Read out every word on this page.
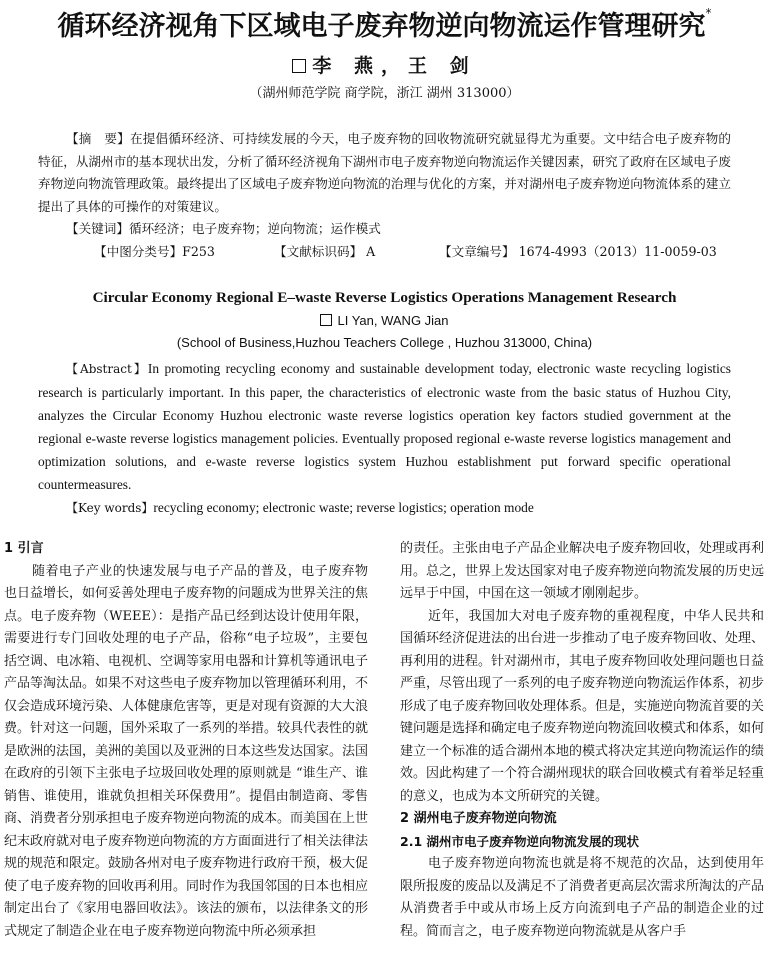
循环经济视角下区域电子废弃物逆向物流运作管理研究*
李 燕，王 剑
（湖州师范学院 商学院，浙江 湖州 313000）

【摘　要】在提倡循环经济、可持续发展的今天，电子废弃物的回收物流研究就显得尤为重要。文中结合电子废弃物的特征，从湖州市的基本现状出发，分析了循环经济视角下湖州市电子废弃物逆向物流运作关键因素，研究了政府在区域电子废弃物逆向物流管理政策。最终提出了区域电子废弃物逆向物流的治理与优化的方案，并对湖州电子废弃物逆向物流体系的建立提出了具体的可操作的对策建议。

【关键词】循环经济；电子废弃物；逆向物流；运作模式

【中图分类号】F253	【文献标识码】 A	【文章编号】 1674-4993（2013）11-0059-03

Circular Economy Regional E–waste Reverse Logistics Operations Management Research
LI Yan, WANG Jian
(School of Business,Huzhou Teachers College , Huzhou 313000, China)

【Abstract】In promoting recycling economy and sustainable development today, electronic waste recycling logistics research is particularly important. In this paper, the characteristics of electronic waste from the basic status of Huzhou City, analyzes the Circular Economy Huzhou electronic waste reverse logistics operation key factors studied government at the regional e-waste reverse logistics management policies. Eventually proposed regional e-waste reverse logistics management and optimization solutions, and e-waste reverse logistics system Huzhou establishment put forward specific operational countermeasures.

【Key words】recycling economy; electronic waste; reverse logistics; operation mode

1 引言

随着电子产业的快速发展与电子产品的普及，电子废弃物也日益增长，如何妥善处理电子废弃物的问题成为世界关注的焦点。电子废弃物（WEEE）：是指产品已经到达设计使用年限，需要进行专门回收处理的电子产品，俗称“电子垃圾”，主要包括空调、电冰箱、电视机、空调等家用电器和计算机等通讯电子产品等淘汰品。如果不对这些电子废弃物加以管理循环利用，不仅会造成环境污染、人体健康危害等，更是对现有资源的大大浪费。针对这一问题，国外采取了一系列的举措。较具代表性的就是欧洲的法国，美洲的美国以及亚洲的日本这些发达国家。法国在政府的引领下主张电子垃圾回收处理的原则就是 “谁生产、谁销售、谁使用，谁就负担相关环保费用”。提倡由制造商、零售商、消费者分别承担电子废弃物逆向物流的成本。而美国在上世纪末政府就对电子废弃物逆向物流的方方面面进行了相关法律法规的规范和限定。鼓励各州对电子废弃物进行政府干预，极大促使了电子废弃物的回收再利用。同时作为我国邻国的日本也相应制定出台了《家用电器回收法》。该法的颁布，以法律条文的形式规定了制造企业在电子废弃物逆向物流中所必须承担

的责任。主张由电子产品企业解决电子废弃物回收，处理或再利用。总之，世界上发达国家对电子废弃物逆向物流发展的历史远远早于中国，中国在这一领域才刚刚起步。

近年，我国加大对电子废弃物的重视程度，中华人民共和国循环经济促进法的出台进一步推动了电子废弃物回收、处理、再利用的进程。针对湖州市，其电子废弃物回收处理问题也日益严重，尽管出现了一系列的电子废弃物逆向物流运作体系，初步形成了电子废弃物回收处理体系。但是，实施逆向物流首要的关键问题是选择和确定电子废弃物逆向物流回收模式和体系，如何建立一个标准的适合湖州本地的模式将决定其逆向物流运作的绩效。因此构建了一个符合湖州现状的联合回收模式有着举足轻重的意义，也成为本文所研究的关键。

2 湖州电子废弃物逆向物流

2.1 湖州市电子废弃物逆向物流发展的现状

电子废弃物逆向物流也就是将不规范的次品，达到使用年限所报废的废品以及满足不了消费者更高层次需求所淘汰的产品从消费者手中或从市场上反方向流到电子产品的制造企业的过程。简而言之，电子废弃物逆向物流就是从客户手
